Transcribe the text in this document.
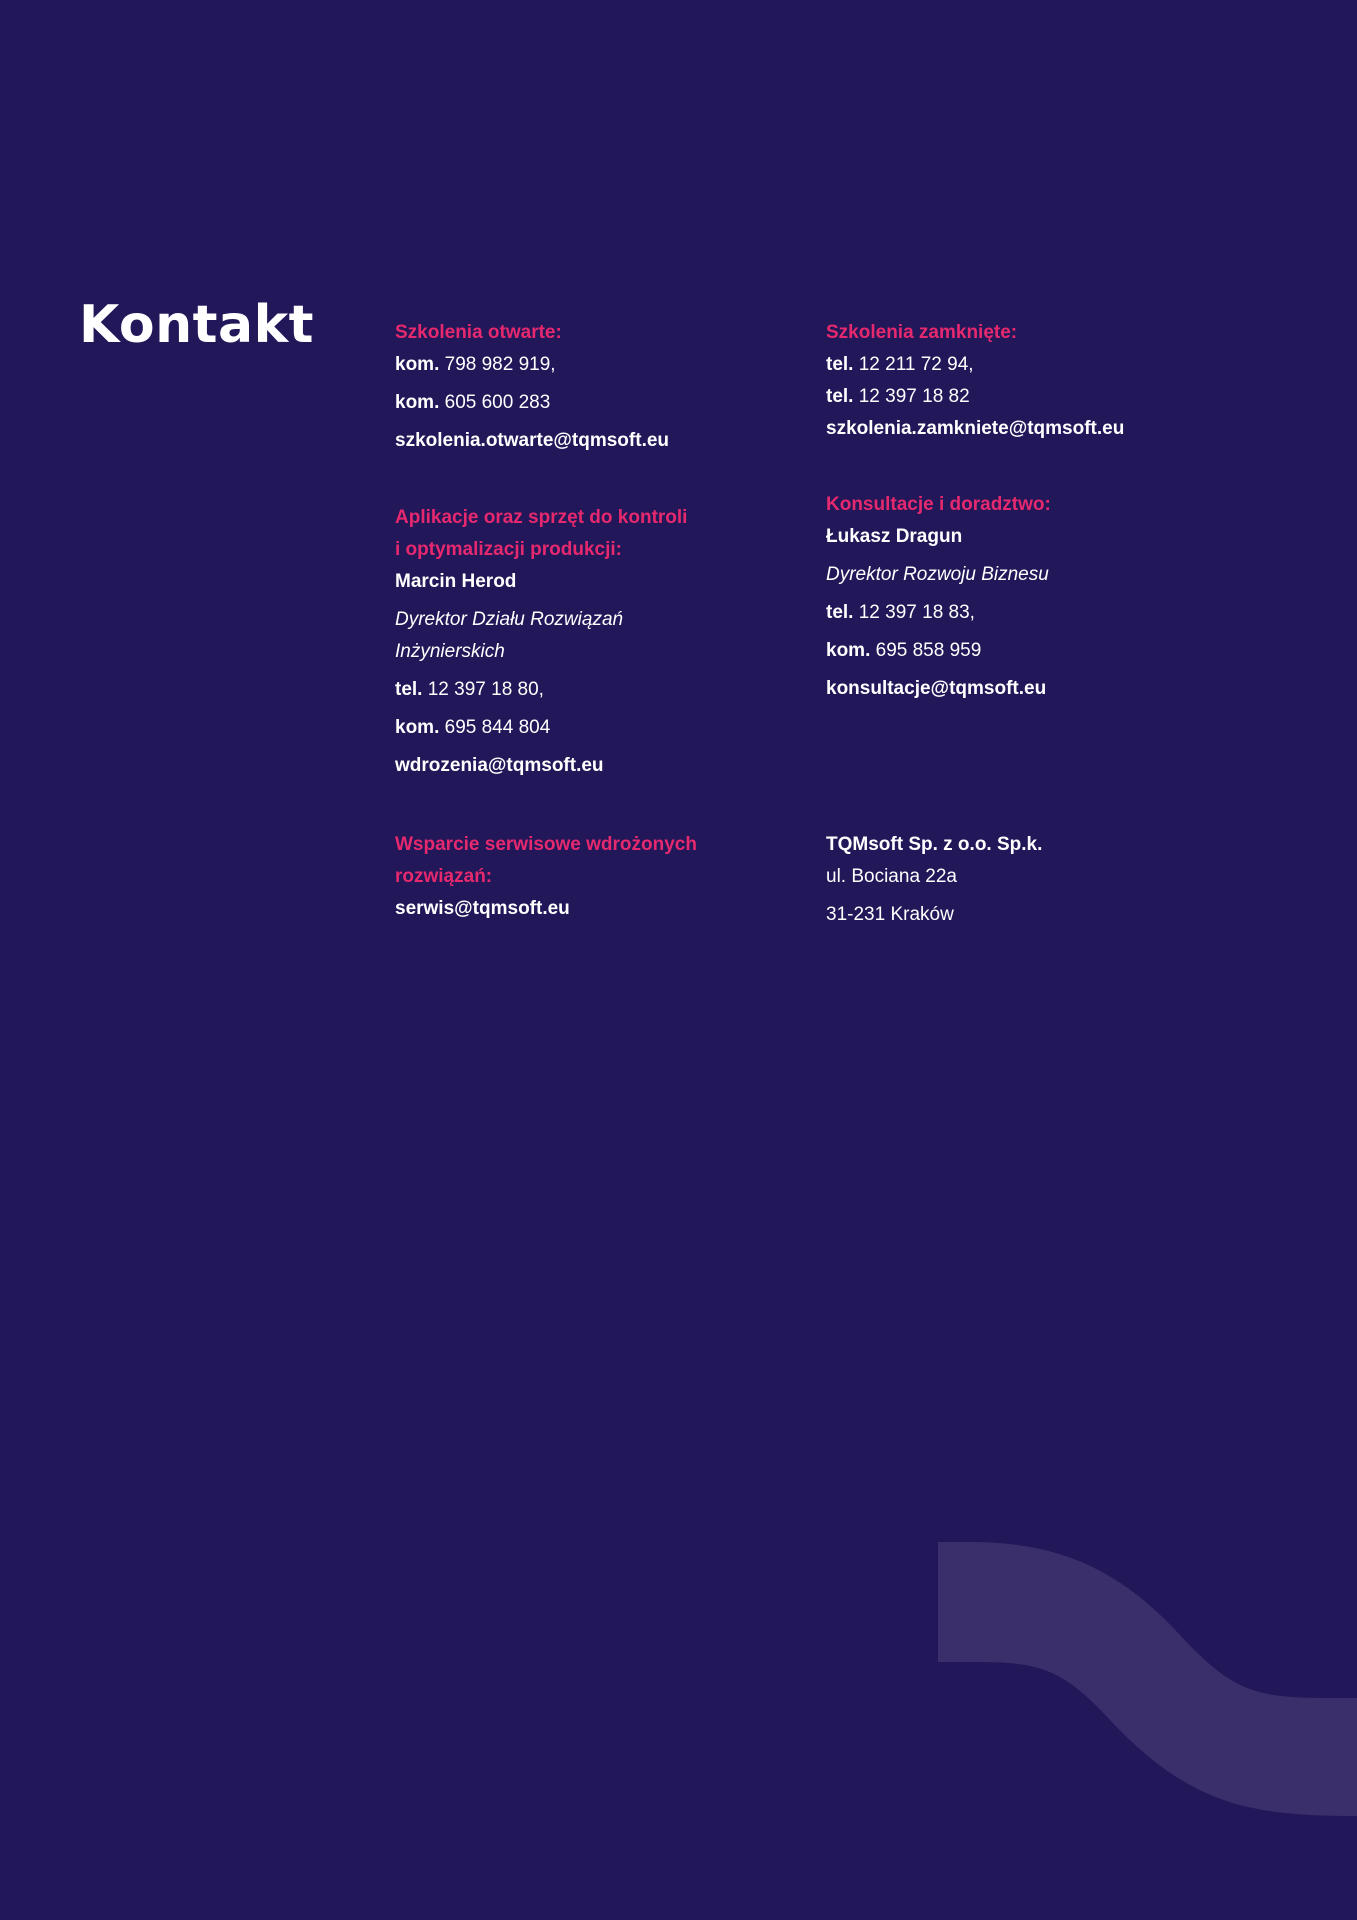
Kontakt	Szkolenia otwarte:

kom. 798 982 919,

kom. 605 600 283

szkolenia.otwarte@tqmsoft.eu

Szkolenia zamknięte:

tel. 12 211 72 94,

tel. 12 397 18 82

szkolenia.zamkniete@tqmsoft.eu

Aplikacje oraz sprzęt do kontroli

i optymalizacji produkcji:

Marcin Herod

Dyrektor Działu Rozwiązań

Inżynierskich

tel. 12 397 18 80,

kom. 695 844 804

wdrozenia@tqmsoft.eu

Konsultacje i doradztwo:

Łukasz Dragun

Dyrektor Rozwoju Biznesu

tel. 12 397 18 83,

kom. 695 858 959

konsultacje@tqmsoft.eu

Wsparcie serwisowe wdrożonych

rozwiązań:

serwis@tqmsoft.eu

TQMsoft Sp. z o.o. Sp.k.

ul. Bociana 22a

31-231 Kraków
